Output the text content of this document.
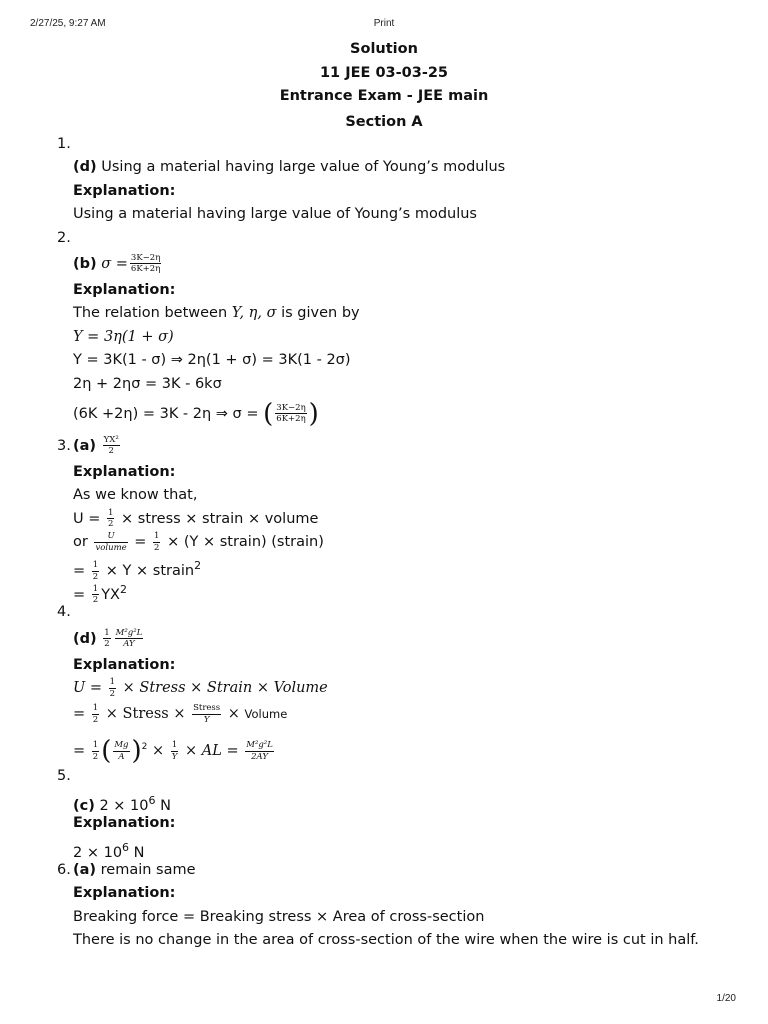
2/27/25, 9:27 AM	Print
Solution
11 JEE 03-03-25
Entrance Exam - JEE main
Section A
1.
(d) Using a material having large value of Young’s modulus
Explanation:
Using a material having large value of Young’s modulus
2.
(b) $\sigma = \frac{3K-2\eta}{6K+2\eta}$
Explanation:
The relation between Y, η, σ is given by
Y = 3η(1 + σ)
Y = 3K(1 - σ) ⇒ 2η(1 + σ) = 3K(1 - 2σ)
2η + 2ησ = 3K - 6kσ
(6K +2η) = 3K - 2η ⇒ σ = ( $\frac{3K-2\eta}{6K+2\eta}$ )
3. $(a) \frac{\text{YX²}}{2}$
Explanation:
As we know that,
$U = \frac{1}{2}$ × stress × strain × volume
or $\frac{U}{\text{volume}} = \frac{1}{2} \times (Y$ × strain) (strain)
= $\frac{1}{2} \times Y$ × strain$^2$
= $\frac{1}{2} YX^2$
4.
$(d) \frac{1}{2} \frac{\text{M²g²L}}{AY}$
Explanation:
$U = \frac{1}{2}$ × Stress × Strain × Volume
= $\frac{1}{2}$ × Stress × $\frac{\text{Stress}}{Y}$ × Volume
= $\frac{1}{2}$ ( $\frac{Mg}{A} )^2 \times \frac{1}{Y}$ × AL = $\frac{\text{M²g²L}}{2AY}$
5.
(c) $2 \times 10^6$ N
Explanation:
$2 \times 10^6$ N
6. (a) remain same
Explanation:
Breaking force = Breaking stress × Area of cross-section
There is no change in the area of cross-section of the wire when the wire is cut in half.
1/20
